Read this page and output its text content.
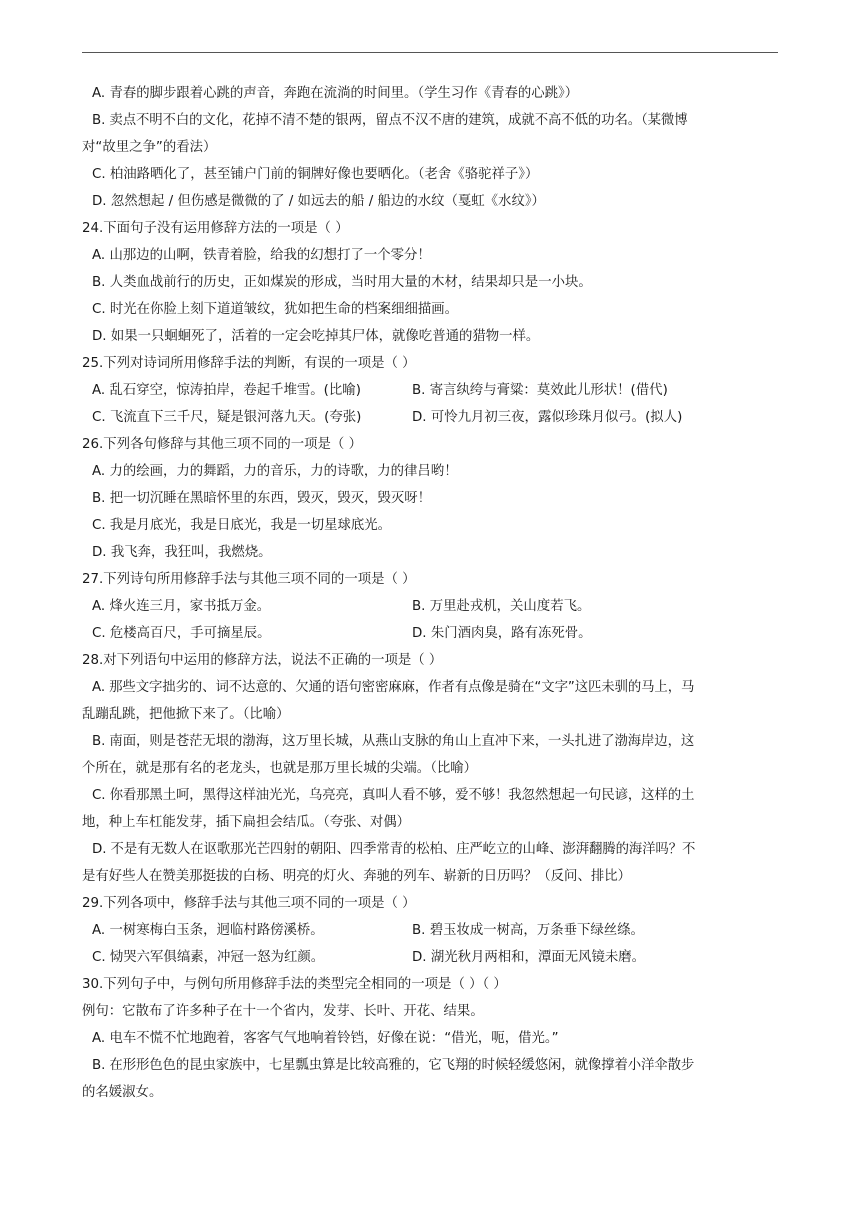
A. 青春的脚步跟着心跳的声音，奔跑在流淌的时间里。（学生习作《青春的心跳》）
B. 卖点不明不白的文化，花掉不清不楚的银两，留点不汉不唐的建筑，成就不高不低的功名。（某微博
对“故里之争”的看法）
C. 柏油路晒化了，甚至铺户门前的铜牌好像也要晒化。（老舍《骆驼祥子》）
D. 忽然想起 / 但伤感是微微的了 / 如远去的船 / 船边的水纹（戛虹《水纹》）
24.下面句子没有运用修辞方法的一项是（ ）
A. 山那边的山啊，铁青着脸，给我的幻想打了一个零分！
B. 人类血战前行的历史，正如煤炭的形成，当时用大量的木材，结果却只是一小块。
C. 时光在你脸上刻下道道皱纹，犹如把生命的档案细细描画。
D. 如果一只蛔蛔死了，活着的一定会吃掉其尸体，就像吃普通的猎物一样。
25.下列对诗词所用修辞手法的判断，有误的一项是（ ）
A. 乱石穿空，惊涛拍岸，卷起千堆雪。(比喻)	B. 寄言纨绔与膏粱：莫效此儿形状！(借代)
C. 飞流直下三千尺，疑是银河落九天。(夸张)	D. 可怜九月初三夜，露似珍珠月似弓。(拟人)
26.下列各句修辞与其他三项不同的一项是（ ）
A. 力的绘画，力的舞蹈，力的音乐，力的诗歌，力的律吕哟！
B. 把一切沉睡在黑暗怀里的东西，毁灭，毁灭，毁灭呀！
C. 我是月底光，我是日底光，我是一切星球底光。
D. 我飞奔，我狂叫，我燃烧。
27.下列诗句所用修辞手法与其他三项不同的一项是（ ）
A. 烽火连三月，家书抵万金。	B. 万里赴戎机，关山度若飞。
C. 危楼高百尺，手可摘星辰。	D. 朱门酒肉臭，路有冻死骨。
28.对下列语句中运用的修辞方法，说法不正确的一项是（ ）
A. 那些文字拙劣的、词不达意的、欠通的语句密密麻麻，作者有点像是骑在“文字”这匹未驯的马上，马
乱蹦乱跳，把他掀下来了。（比喻）
B. 南面，则是苍茫无垠的渤海，这万里长城，从燕山支脉的角山上直冲下来，一头扎进了渤海岸边，这
个所在，就是那有名的老龙头，也就是那万里长城的尖端。（比喻）
C. 你看那黑土呵，黑得这样油光光，乌亮亮，真叫人看不够，爱不够！我忽然想起一句民谚，这样的土
地，种上车杠能发芽，插下扁担会结瓜。（夸张、对偶）
D. 不是有无数人在讴歌那光芒四射的朝阳、四季常青的松柏、庄严屹立的山峰、澎湃翻腾的海洋吗？不
是有好些人在赞美那挺拔的白杨、明亮的灯火、奔驰的列车、崭新的日历吗？（反问、排比）
29.下列各项中，修辞手法与其他三项不同的一项是（ ）
A. 一树寒梅白玉条，迥临村路傍溪桥。	B. 碧玉妆成一树高，万条垂下绿丝绦。
C. 恸哭六军俱缟素，冲冠一怒为红颜。	D. 湖光秋月两相和，潭面无风镜未磨。
30.下列句子中，与例句所用修辞手法的类型完全相同的一项是（ ）（ ）
例句：它散布了许多种子在十一个省内，发芽、长叶、开花、结果。
A. 电车不慌不忙地跑着，客客气气地响着铃铛，好像在说：“借光，呃，借光。”
B. 在形形色色的昆虫家族中，七星瓢虫算是比较高雅的，它飞翔的时候轻缓悠闲，就像撑着小洋伞散步
的名媛淑女。
